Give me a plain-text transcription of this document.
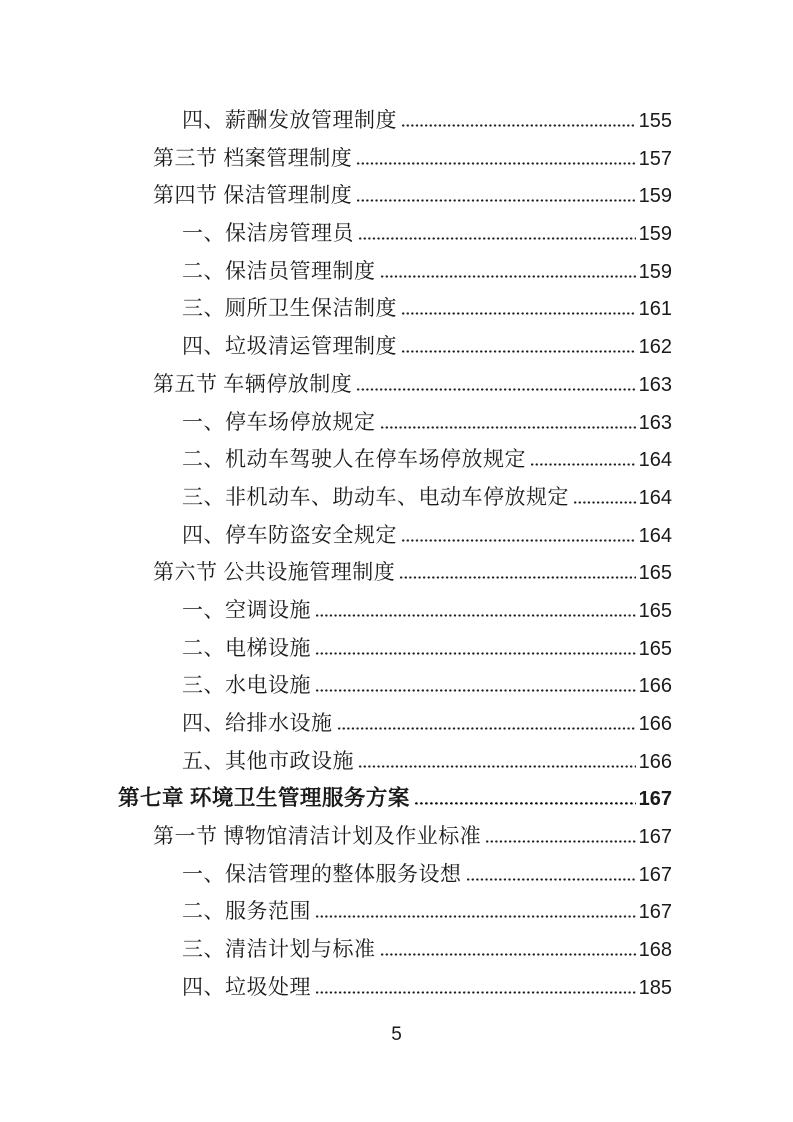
四、薪酬发放管理制度	155
第三节 档案管理制度	157
第四节 保洁管理制度	159
一、保洁房管理员	159
二、保洁员管理制度	159
三、厕所卫生保洁制度	161
四、垃圾清运管理制度	162
第五节 车辆停放制度	163
一、停车场停放规定	163
二、机动车驾驶人在停车场停放规定	164
三、非机动车、助动车、电动车停放规定	164
四、停车防盗安全规定	164
第六节 公共设施管理制度	165
一、空调设施	165
二、电梯设施	165
三、水电设施	166
四、给排水设施	166
五、其他市政设施	166
第七章 环境卫生管理服务方案	167
第一节 博物馆清洁计划及作业标准	167
一、保洁管理的整体服务设想	167
二、服务范围	167
三、清洁计划与标准	168
四、垃圾处理	185
5
